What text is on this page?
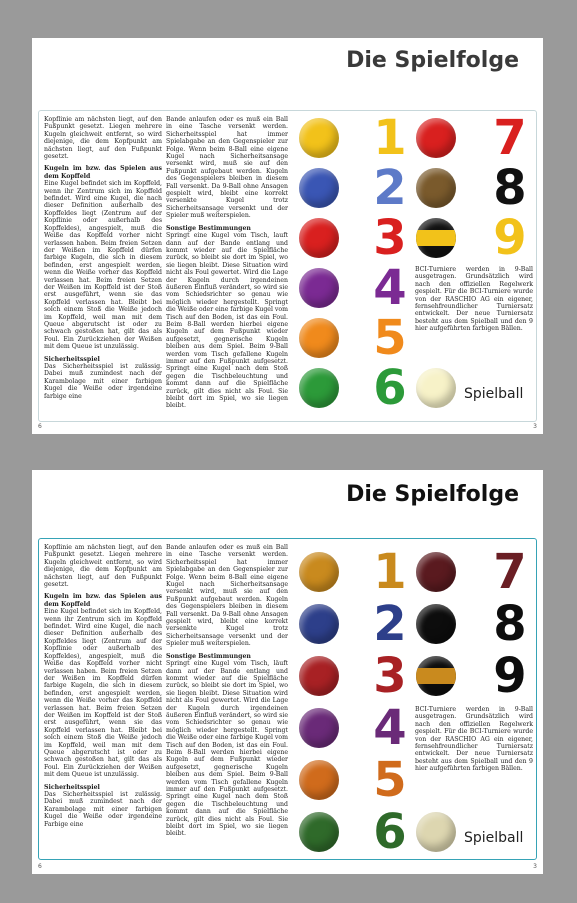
Die Spielfolge

Kopflinie am nächsten liegt, auf den Fußpunkt gesetzt. Liegen mehrere Kugeln gleichweit entfernt, so wird diejenige, die dem Kopfpunkt am nächsten liegt, auf den Fußpunkt gesetzt.

Kugeln im bzw. das Spielen aus dem Kopffeld

Eine Kugel befindet sich im Kopffeld, wenn ihr Zentrum sich im Kopffeld befindet. Wird eine Kugel, die nach dieser Definition außerhalb des Kopffeldes liegt (Zentrum auf der Kopflinie oder außerhalb des Kopffeldes), angespielt, muß die Weiße das Kopffeld vorher nicht verlassen haben. Beim freien Setzen der Weißen im Kopffeld dürfen farbige Kugeln, die sich in diesem befinden, erst angespielt werden, wenn die Weiße vorher das Kopffeld verlassen hat. Beim freien Setzen der Weißen im Kopffeld ist der Stoß erst ausgeführt, wenn sie das Kopffeld verlassen hat. Bleibt bei solch einem Stoß die Weiße jedoch im Kopffeld, weil man mit dem Queue abgerutscht ist oder zu schwach gestoßen hat, gilt das als Foul. Ein Zurückziehen der Weißen mit dem Queue ist unzulässig.

Sicherheitsspiel

Das Sicherheitsspiel ist zulässig. Dabei muß zumindest nach der Karambolage mit einer farbigen Kugel die Weiße oder irgendeine farbige eine

Bande anlaufen oder es muß ein Ball in eine Tasche versenkt werden. Sicherheitsspiel hat immer Spielabgabe an den Gegenspieler zur Folge. Wenn beim 8-Ball eine eigene Kugel nach Sicherheitsansage versenkt wird, muß sie auf den Fußpunkt aufgebaut werden. Kugeln des Gegenspielers bleiben in diesem Fall versenkt. Da 9-Ball ohne Ansagen gespielt wird, bleibt eine korrekt versenkte Kugel trotz Sicherheitsansage versenkt und der Spieler muß weiterspielen.

Sonstige Bestimmungen

Springt eine Kugel vom Tisch, lauft dann auf der Bande entlang und kommt wieder auf die Spielfläche zurück, so bleibt sie dort im Spiel, wo sie liegen bleibt. Diese Situation wird nicht als Foul gewertet. Wird die Lage der Kugeln durch irgendeinen äußeren Einfluß verändert, so wird sie vom Schiedsrichter so genau wie möglich wieder hergestellt. Springt die Weiße oder eine farbige Kugel vom Tisch auf den Boden, ist das ein Foul. Beim 8-Ball werden hierbei eigene Kugeln auf dem Fußpunkt wieder aufgesetzt, gegnerische Kugeln bleiben aus dem Spiel. Beim 9-Ball werden vom Tisch gefallene Kugeln immer auf den Fußpunkt aufgesetzt. Springt eine Kugel nach dem Stoß gegen die Tischbeleuchtung und kommt dann auf die Spielfläche zurück, gilt dies nicht als Foul. Sie bleibt dort im Spiel, wo sie liegen bleibt.

6	3
1
2
3
4
5
6
7
8
9
BCI-Turniere werden in 9-Ball ausgetragen. Grundsätzlich wird nach den offiziellen Regelwerk gespielt. Für die BCI-Turniere wurde von der RASCHIO AG ein eigener, fernsehfreundlicher Turniersatz entwickelt. Der neue Turniersatz besteht aus dem Spielball und den 9 hier aufgeführten farbigen Bällen.
Spielball
Die Spielfolge

Kopflinie am nächsten liegt, auf den Fußpunkt gesetzt. Liegen mehrere Kugeln gleichweit entfernt, so wird diejenige, die dem Kopfpunkt am nächsten liegt, auf den Fußpunkt gesetzt.

Kugeln im bzw. das Spielen aus dem Kopffeld

Eine Kugel befindet sich im Kopffeld, wenn ihr Zentrum sich im Kopffeld befindet. Wird eine Kugel, die nach dieser Definition außerhalb des Kopffeldes liegt (Zentrum auf der Kopflinie oder außerhalb des Kopffeldes), angespielt, muß die Weiße das Kopffeld vorher nicht verlassen haben. Beim freien Setzen der Weißen im Kopffeld dürfen farbige Kugeln, die sich in diesem befinden, erst angespielt werden, wenn die Weiße vorher das Kopffeld verlassen hat. Beim freien Setzen der Weißen im Kopffeld ist der Stoß erst ausgeführt, wenn sie das Kopffeld verlassen hat. Bleibt bei solch einem Stoß die Weiße jedoch im Kopffeld, weil man mit dem Queue abgerutscht ist oder zu schwach gestoßen hat, gilt das als Foul. Ein Zurückziehen der Weißen mit dem Queue ist unzulässig.

Sicherheitsspiel

Das Sicherheitsspiel ist zulässig. Dabei muß zumindest nach der Karambolage mit einer farbigen Kugel die Weiße oder irgendeine Farbige eine

Bande anlaufen oder es muß ein Ball in eine Tasche versenkt werden. Sicherheitsspiel hat immer Spielabgabe an den Gegenspieler zur Folge. Wenn beim 8-Ball eine eigene Kugel nach Sicherheitsansage versenkt wird, muß sie auf den Fußpunkt aufgebaut werden. Kugeln des Gegenspielers bleiben in diesem Fall versenkt. Da 9-Ball ohne Ansagen gespielt wird, bleibt eine korrekt versenkte Kugel trotz Sicherheitsansage versenkt und der Spieler muß weiterspielen.

Sonstige Bestimmungen

Springt eine Kugel vom Tisch, läuft dann auf der Bande entlang und kommt wieder auf die Spielfläche zurück, so bleibt sie dort im Spiel, wo sie liegen bleibt. Diese Situation wird nicht als Foul gewertet. Wird die Lage der Kugeln durch irgendeinen äußeren Einfluß verändert, so wird sie vom Schiedsrichter so genau wie möglich wieder hergestellt. Springt die Weiße oder eine farbige Kugel vom Tisch auf den Boden, ist das ein Foul. Beim 8-Ball werden hierbei eigene Kugeln auf dem Fußpunkt wieder aufgesetzt, gegnerische Kugeln bleiben aus dem Spiel. Beim 9-Ball werden vom Tisch gefallene Kugeln immer auf den Fußpunkt aufgesetzt. Springt eine Kugel nach dem Stoß gegen die Tischbeleuchtung und kommt dann auf die Spielfläche zurück, gilt dies nicht als Foul. Sie bleibt dort im Spiel, wo sie liegen bleibt.

6	3
1
2
3
4
5
6
7
8
9
BCI-Turniere werden in 9-Ball ausgetragen. Grundsätzlich wird nach den offiziellen Regelwerk gespielt. Für die BCI-Turniere wurde von der RASCHIO AG ein eigener, fernsehfreundlicher Turniersatz entwickelt. Der neue Turniersatz besteht aus dem Spielball und den 9 hier aufgeführten farbigen Bällen.
Spielball
